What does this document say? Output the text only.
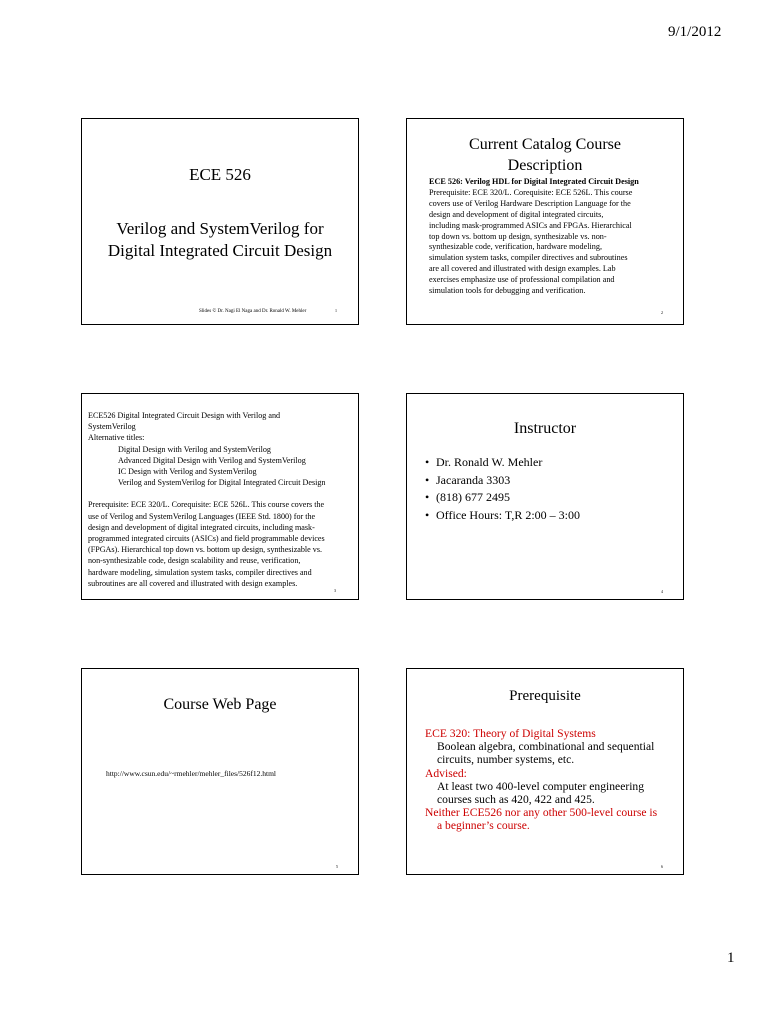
9/1/2012
ECE 526
Verilog and SystemVerilog for
Digital Integrated Circuit Design
Slides © Dr. Nagi El Naga and Dr. Ronald W. Mehler	1
Current Catalog Course
Description
ECE 526: Verilog HDL for Digital Integrated Circuit Design
Prerequisite: ECE 320/L. Corequisite: ECE 526L. This course
covers use of Verilog Hardware Description Language for the
design and development of digital integrated circuits,
including mask-programmed ASICs and FPGAs. Hierarchical
top down vs. bottom up design, synthesizable vs. non-
synthesizable code, verification, hardware modeling,
simulation system tasks, compiler directives and subroutines
are all covered and illustrated with design examples. Lab
exercises emphasize use of professional compilation and
simulation tools for debugging and verification.
2
ECE526 Digital Integrated Circuit Design with Verilog and
SystemVerilog
Alternative titles:
Digital Design with Verilog and SystemVerilog
Advanced Digital Design with Verilog and SystemVerilog
IC Design with Verilog and SystemVerilog
Verilog and SystemVerilog for Digital Integrated Circuit Design
Prerequisite: ECE 320/L. Corequisite: ECE 526L. This course covers the
use of Verilog and SystemVerilog Languages (IEEE Std. 1800) for the
design and development of digital integrated circuits, including mask-
programmed integrated circuits (ASICs) and field programmable devices
(FPGAs). Hierarchical top down vs. bottom up design, synthesizable vs.
non-synthesizable code, design scalability and reuse, verification,
hardware modeling, simulation system tasks, compiler directives and
subroutines are all covered and illustrated with design examples.
3
Instructor
• Dr. Ronald W. Mehler
• Jacaranda 3303
• (818) 677 2495
• Office Hours: T,R 2:00 – 3:00
4
Course Web Page
http://www.csun.edu/~rmehler/mehler_files/526f12.html
5
Prerequisite
ECE 320: Theory of Digital Systems
Boolean algebra, combinational and sequential
circuits, number systems, etc.
Advised:
At least two 400-level computer engineering
courses such as 420, 422 and 425.
Neither ECE526 nor any other 500-level course is
a beginner’s course.
6
1
